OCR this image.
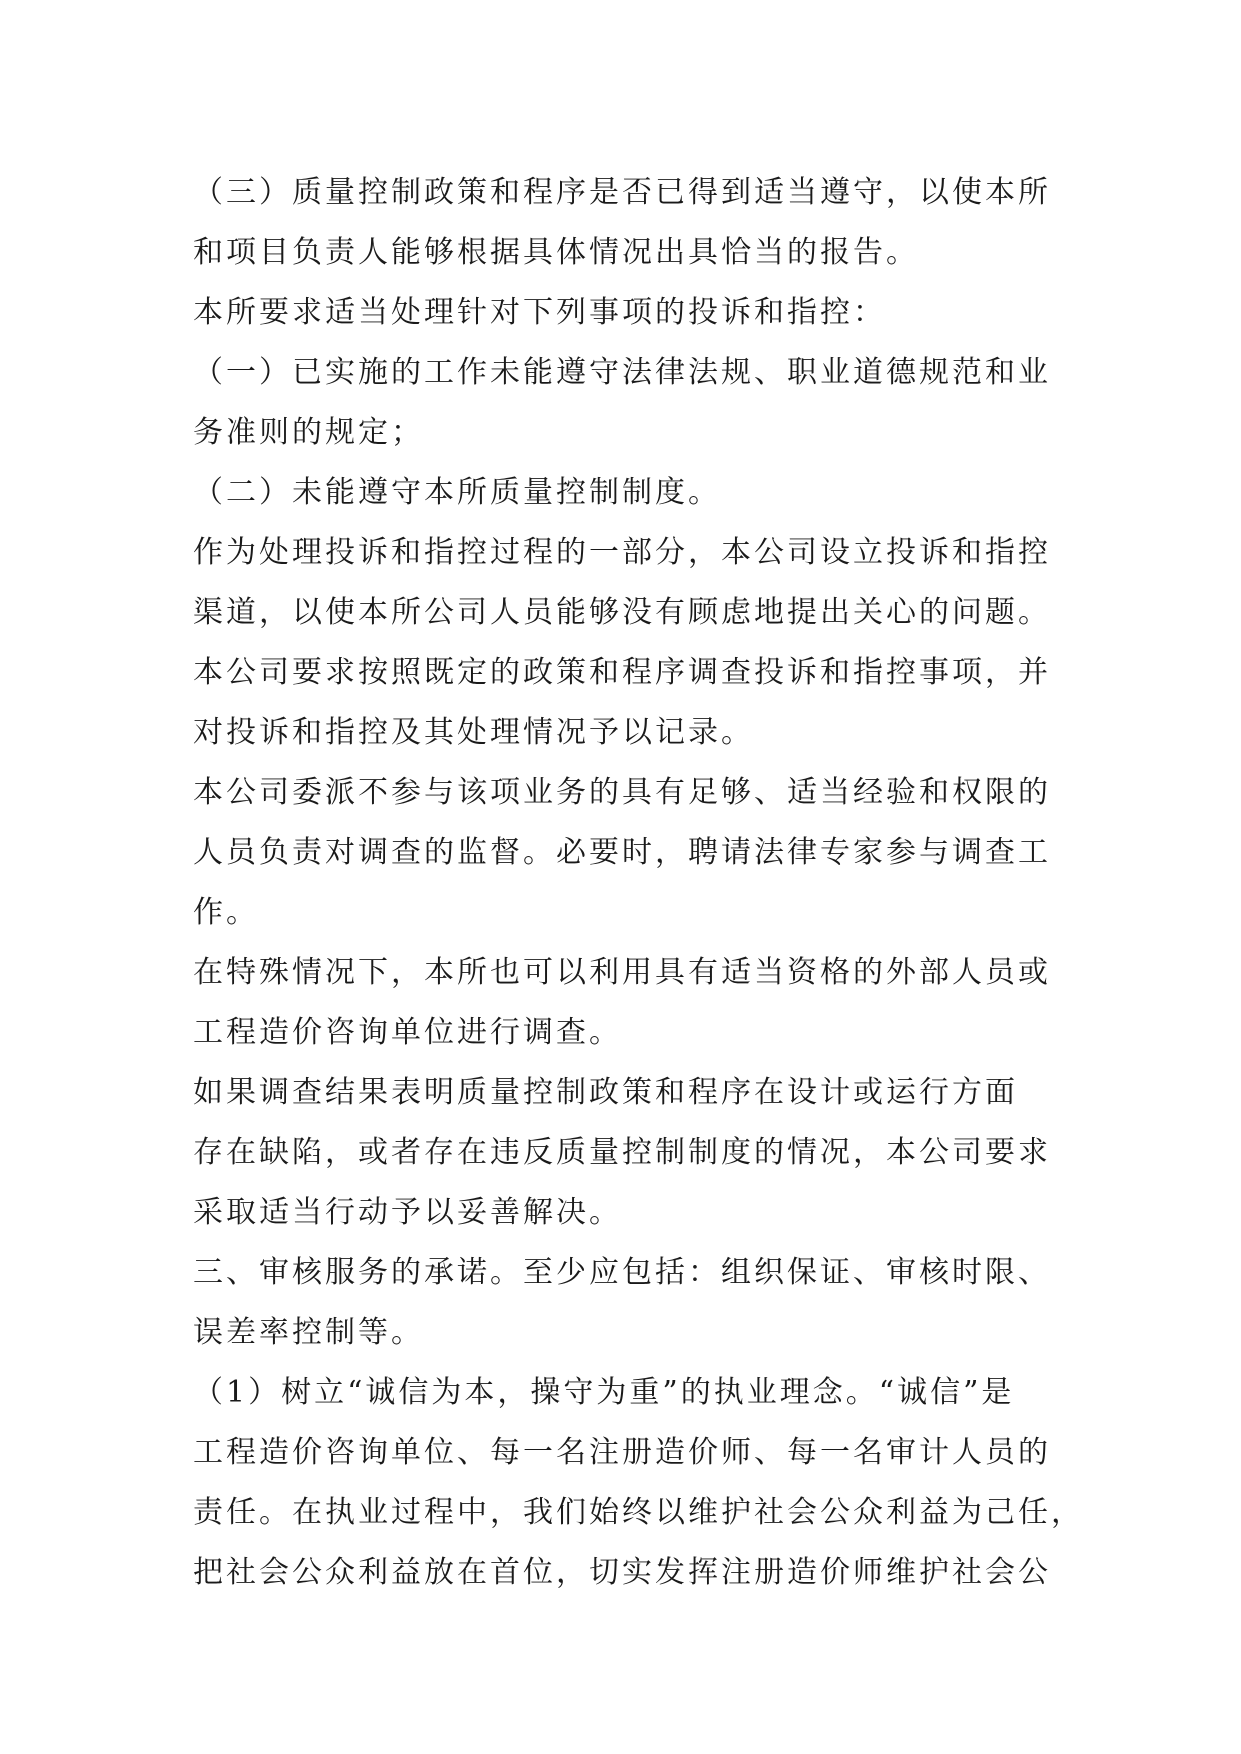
（三）质量控制政策和程序是否已得到适当遵守，以使本所
和项目负责人能够根据具体情况出具恰当的报告。
本所要求适当处理针对下列事项的投诉和指控：
（一）已实施的工作未能遵守法律法规、职业道德规范和业
务准则的规定；
（二）未能遵守本所质量控制制度。
作为处理投诉和指控过程的一部分，本公司设立投诉和指控
渠道，以使本所公司人员能够没有顾虑地提出关心的问题。
本公司要求按照既定的政策和程序调查投诉和指控事项，并
对投诉和指控及其处理情况予以记录。
本公司委派不参与该项业务的具有足够、适当经验和权限的
人员负责对调查的监督。必要时，聘请法律专家参与调查工
作。
在特殊情况下，本所也可以利用具有适当资格的外部人员或
工程造价咨询单位进行调查。
如果调查结果表明质量控制政策和程序在设计或运行方面
存在缺陷，或者存在违反质量控制制度的情况，本公司要求
采取适当行动予以妥善解决。
三、审核服务的承诺。至少应包括：组织保证、审核时限、
误差率控制等。
（1）树立“诚信为本，操守为重”的执业理念。“诚信”是
工程造价咨询单位、每一名注册造价师、每一名审计人员的
责任。在执业过程中，我们始终以维护社会公众利益为己任，
把社会公众利益放在首位，切实发挥注册造价师维护社会公
